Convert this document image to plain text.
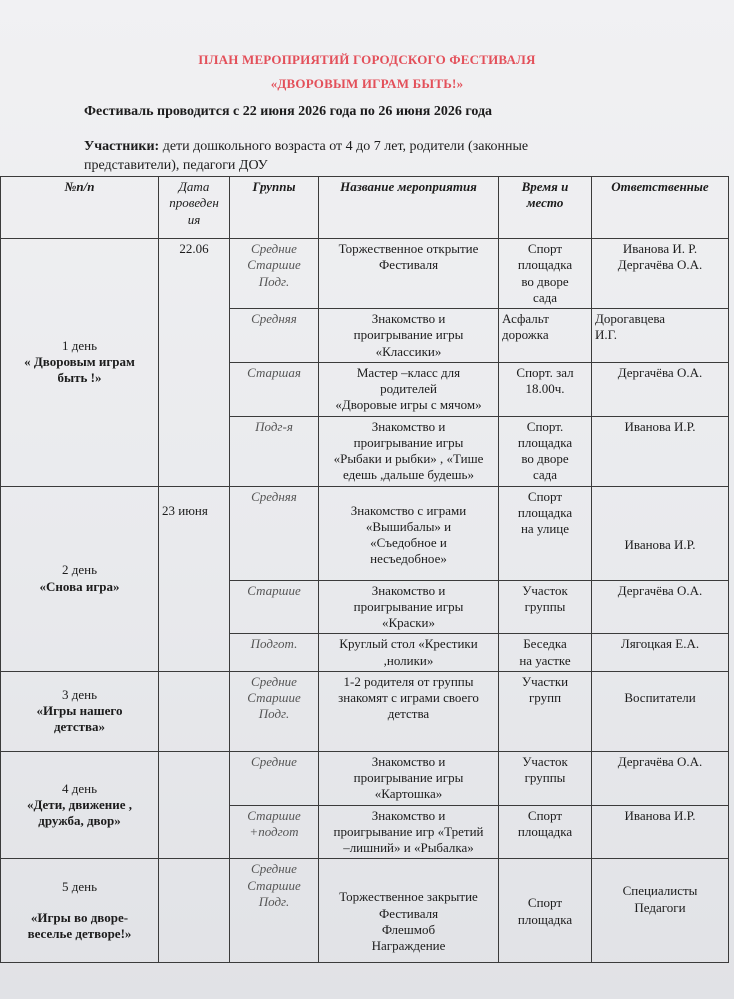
ПЛАН МЕРОПРИЯТИЙ ГОРОДСКОГО ФЕСТИВАЛЯ
«ДВОРОВЫМ ИГРАМ БЫТЬ!»
Фестиваль проводится с 22 июня 2026 года по 26 июня 2026 года
Участники: дети дошкольного возраста от 4 до 7 лет, родители (законные
представители), педагоги ДОУ
№п/п	Дата
проведен
ия	Группы	Название мероприятия	Время и
место	Ответственные
1 день
« Дворовым играм
быть !»	22.06	Средние
Старшие
Подг.	Торжественное открытие
Фестиваля	Спорт
площадка
во дворе
сада	Иванова И. Р.
Дергачёва О.А.
		Средняя	Знакомство и
проигрывание игры
«Классики»	Асфальт
дорожка	Дорогавцева
И.Г.
		Старшая	Мастер –класс для
родителей
«Дворовые игры с мячом»	Спорт. зал
18.00ч.	Дергачёва О.А.
		Подг-я	Знакомство и
проигрывание игры
«Рыбаки и рыбки» , «Тише
едешь ,дальше будешь»	Спорт.
площадка
во дворе
сада	Иванова И.Р.
2 день
«Снова игра»	23 июня	Средняя	Знакомство с играми
«Вышибалы» и
«Съедобное и
несъедобное»	Спорт
площадка
на улице	Иванова И.Р.
		Старшие	Знакомство и
проигрывание игры
«Краски»	Участок
группы	Дергачёва О.А.
		Подгот.	Круглый стол «Крестики
,нолики»	Беседка
на уастке	Лягоцкая Е.А.
3 день
«Игры нашего
детства»		Средние
Старшие
Подг.	1-2 родителя от группы
знакомят с играми своего
детства	Участки
групп	Воспитатели
4 день
«Дети, движение ,
дружба, двор»		Средние	Знакомство и
проигрывание игры
«Картошка»	Участок
группы	Дергачёва О.А.
		Старшие
+подгот	Знакомство и
проигрывание игр «Третий
–лишний» и «Рыбалка»	Спорт
площадка	Иванова И.Р.
5 день
«Игры во дворе-
веселье детворе!»		Средние
Старшие
Подг.	Торжественное закрытие
Фестиваля
Флешмоб
Награждение	Спорт
площадка	Специалисты
Педагоги
